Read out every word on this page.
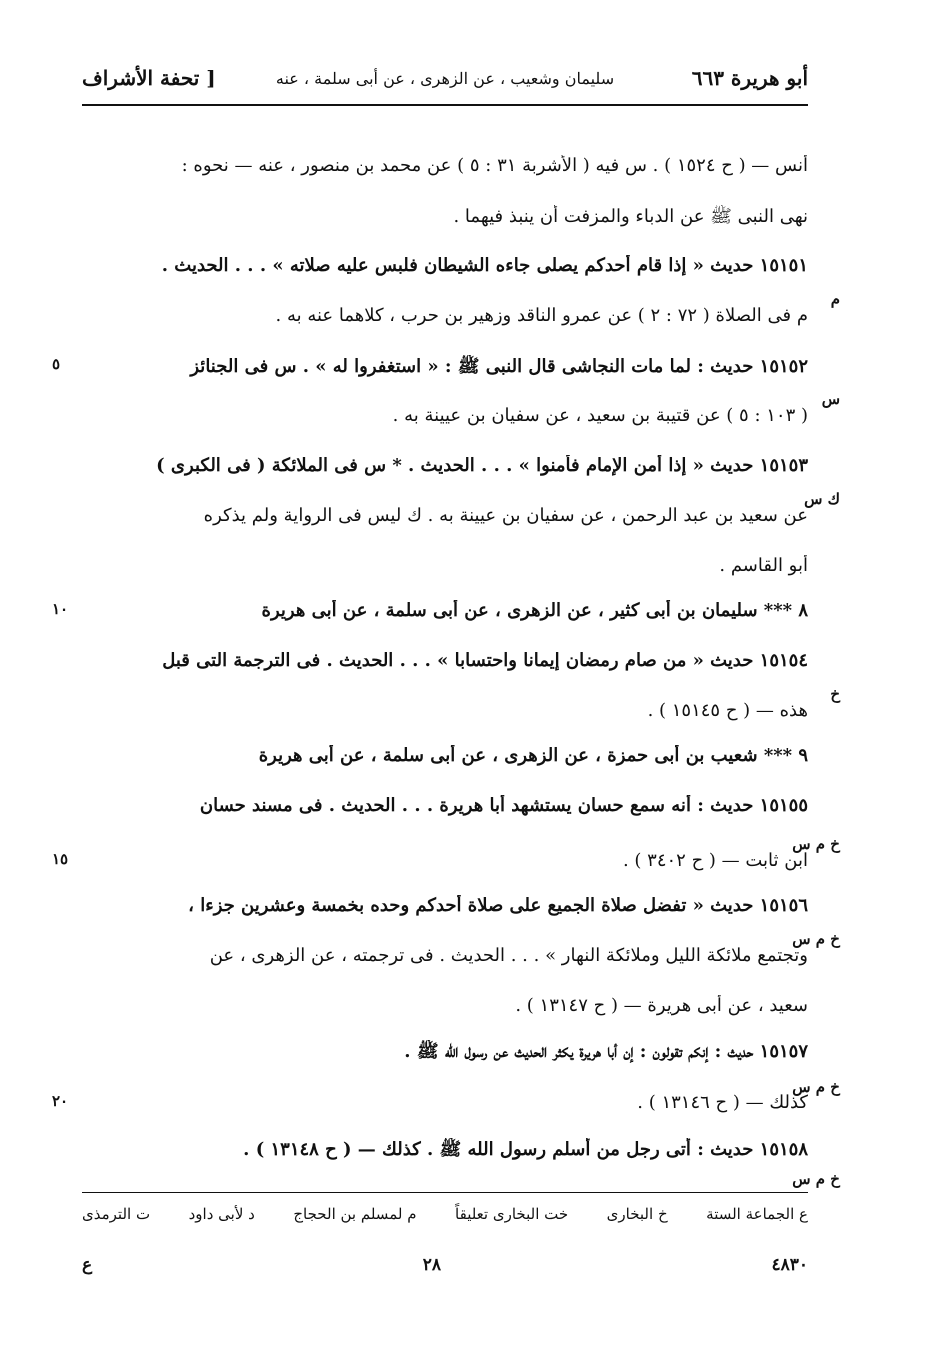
أبو هريرة ٦٦٣
سليمان وشعيب ، عن الزهرى ، عن أبى سلمة ، عنه
[ تحفة الأشراف
أنس — ( ح ١٥٢٤ ) . س فيه ( الأشربة ٣١ : ٥ ) عن محمد بن منصور ، عنه — نحوه :
نهى النبى ﷺ عن الدباء والمزفت أن ينبذ فيهما .
١٥١٥١ حديث « إذا قام أحدكم يصلى جاءه الشيطان فلبس عليه صلاته » . . . الحديث .
م
م فى الصلاة ( ٧٢ : ٢ ) عن عمرو الناقد وزهير بن حرب ، كلاهما عنه به .
١٥١٥٢ حديث : لما مات النجاشى قال النبى ﷺ : « استغفروا له » . س فى الجنائز
٥
س
( ١٠٣ : ٥ ) عن قتيبة بن سعيد ، عن سفيان بن عيينة به .
١٥١٥٣ حديث « إذا أمن الإمام فأمنوا » . . . الحديث . * س فى الملائكة ( فى الكبرى )
ك س
عن سعيد بن عبد الرحمن ، عن سفيان بن عيينة به . ك ليس فى الرواية ولم يذكره
أبو القاسم .
٨ *** سليمان بن أبى كثير ، عن الزهرى ، عن أبى سلمة ، عن أبى هريرة
١٠
١٥١٥٤ حديث « من صام رمضان إيمانا واحتسابا » . . . الحديث . فى الترجمة التى قبل
خ
هذه — ( ح ١٥١٤٥ ) .
٩ *** شعيب بن أبى حمزة ، عن الزهرى ، عن أبى سلمة ، عن أبى هريرة
١٥١٥٥ حديث : أنه سمع حسان يستشهد أبا هريرة . . . الحديث . فى مسند حسان
خ م س
ابن ثابت — ( ح ٣٤٠٢ ) .
١٥
١٥١٥٦ حديث « تفضل صلاة الجميع على صلاة أحدكم وحده بخمسة وعشرين جزءا ،
خ م س
وتجتمع ملائكة الليل وملائكة النهار » . . . الحديث . فى ترجمته ، عن الزهرى ، عن
سعيد ، عن أبى هريرة — ( ح ١٣١٤٧ ) .
١٥١٥٧ حديث : إنكم تقولون : إن أبا هريرة يكثر الحديث عن رسول الله ﷺ .
خ م س
كذلك — ( ح ١٣١٤٦ ) .
٢٠
١٥١٥٨ حديث : أتى رجل من أسلم رسول الله ﷺ . كذلك — ( ح ١٣١٤٨ ) .
خ م س
ع الجماعة الستة
خ البخارى
خت البخارى تعليقاً
م لمسلم بن الحجاج
د لأبى داود
ت الترمذى
٤٨٣٠
٢٨
ع
